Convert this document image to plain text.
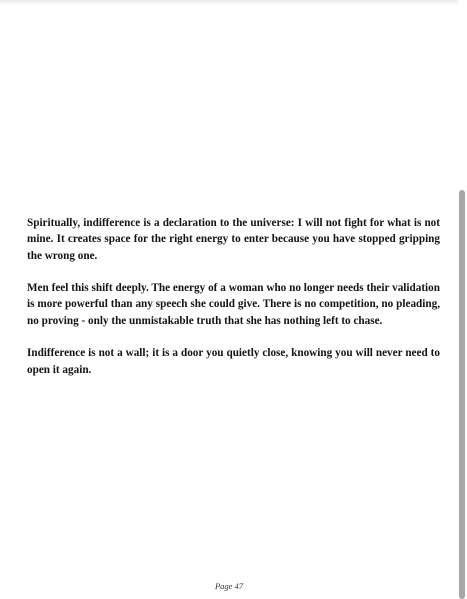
Spiritually, indifference is a declaration to the universe: I will not fight for what is not mine. It creates space for the right energy to enter because you have stopped gripping the wrong one.

Men feel this shift deeply. The energy of a woman who no longer needs their validation is more powerful than any speech she could give. There is no competition, no pleading, no proving - only the unmistakable truth that she has nothing left to chase.

Indifference is not a wall; it is a door you quietly close, knowing you will never need to open it again.

Page 47
